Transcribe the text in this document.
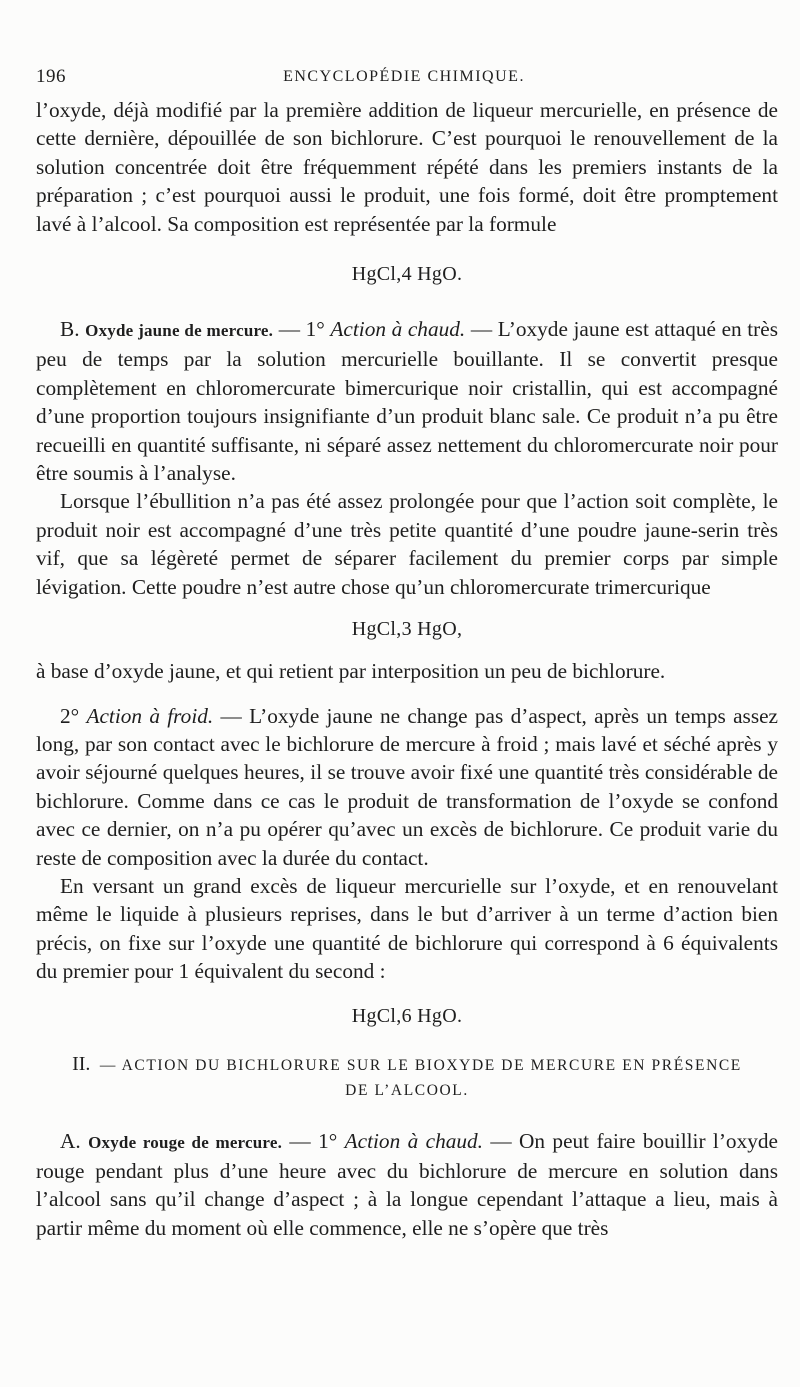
196	ENCYCLOPÉDIE CHIMIQUE.

l’oxyde, déjà modifié par la première addition de liqueur mercurielle, en présence de cette dernière, dépouillée de son bichlorure. C’est pourquoi le renouvellement de la solution concentrée doit être fréquemment répété dans les premiers instants de la préparation ; c’est pourquoi aussi le produit, une fois formé, doit être promptement lavé à l’alcool. Sa composition est représentée par la formule

HgCl,4 HgO.

B. Oxyde jaune de mercure. — 1° Action à chaud. — L’oxyde jaune est attaqué en très peu de temps par la solution mercurielle bouillante. Il se convertit presque complètement en chloromercurate bimercurique noir cristallin, qui est accompagné d’une proportion toujours insignifiante d’un produit blanc sale. Ce produit n’a pu être recueilli en quantité suffisante, ni séparé assez nettement du chloromercurate noir pour être soumis à l’analyse.

Lorsque l’ébullition n’a pas été assez prolongée pour que l’action soit complète, le produit noir est accompagné d’une très petite quantité d’une poudre jaune-serin très vif, que sa légèreté permet de séparer facilement du premier corps par simple lévigation. Cette poudre n’est autre chose qu’un chloromercurate trimercurique

HgCl,3 HgO,

à base d’oxyde jaune, et qui retient par interposition un peu de bichlorure.

2° Action à froid. — L’oxyde jaune ne change pas d’aspect, après un temps assez long, par son contact avec le bichlorure de mercure à froid ; mais lavé et séché après y avoir séjourné quelques heures, il se trouve avoir fixé une quantité très considérable de bichlorure. Comme dans ce cas le produit de transformation de l’oxyde se confond avec ce dernier, on n’a pu opérer qu’avec un excès de bichlorure. Ce produit varie du reste de composition avec la durée du contact.

En versant un grand excès de liqueur mercurielle sur l’oxyde, et en renouvelant même le liquide à plusieurs reprises, dans le but d’arriver à un terme d’action bien précis, on fixe sur l’oxyde une quantité de bichlorure qui correspond à 6 équivalents du premier pour 1 équivalent du second :

HgCl,6 HgO.
II. — ACTION DU BICHLORURE SUR LE BIOXYDE DE MERCURE EN PRÉSENCE
DE L’ALCOOL.

A. Oxyde rouge de mercure. — 1° Action à chaud. — On peut faire bouillir l’oxyde rouge pendant plus d’une heure avec du bichlorure de mercure en solution dans l’alcool sans qu’il change d’aspect ; à la longue cependant l’attaque a lieu, mais à partir même du moment où elle commence, elle ne s’opère que très
